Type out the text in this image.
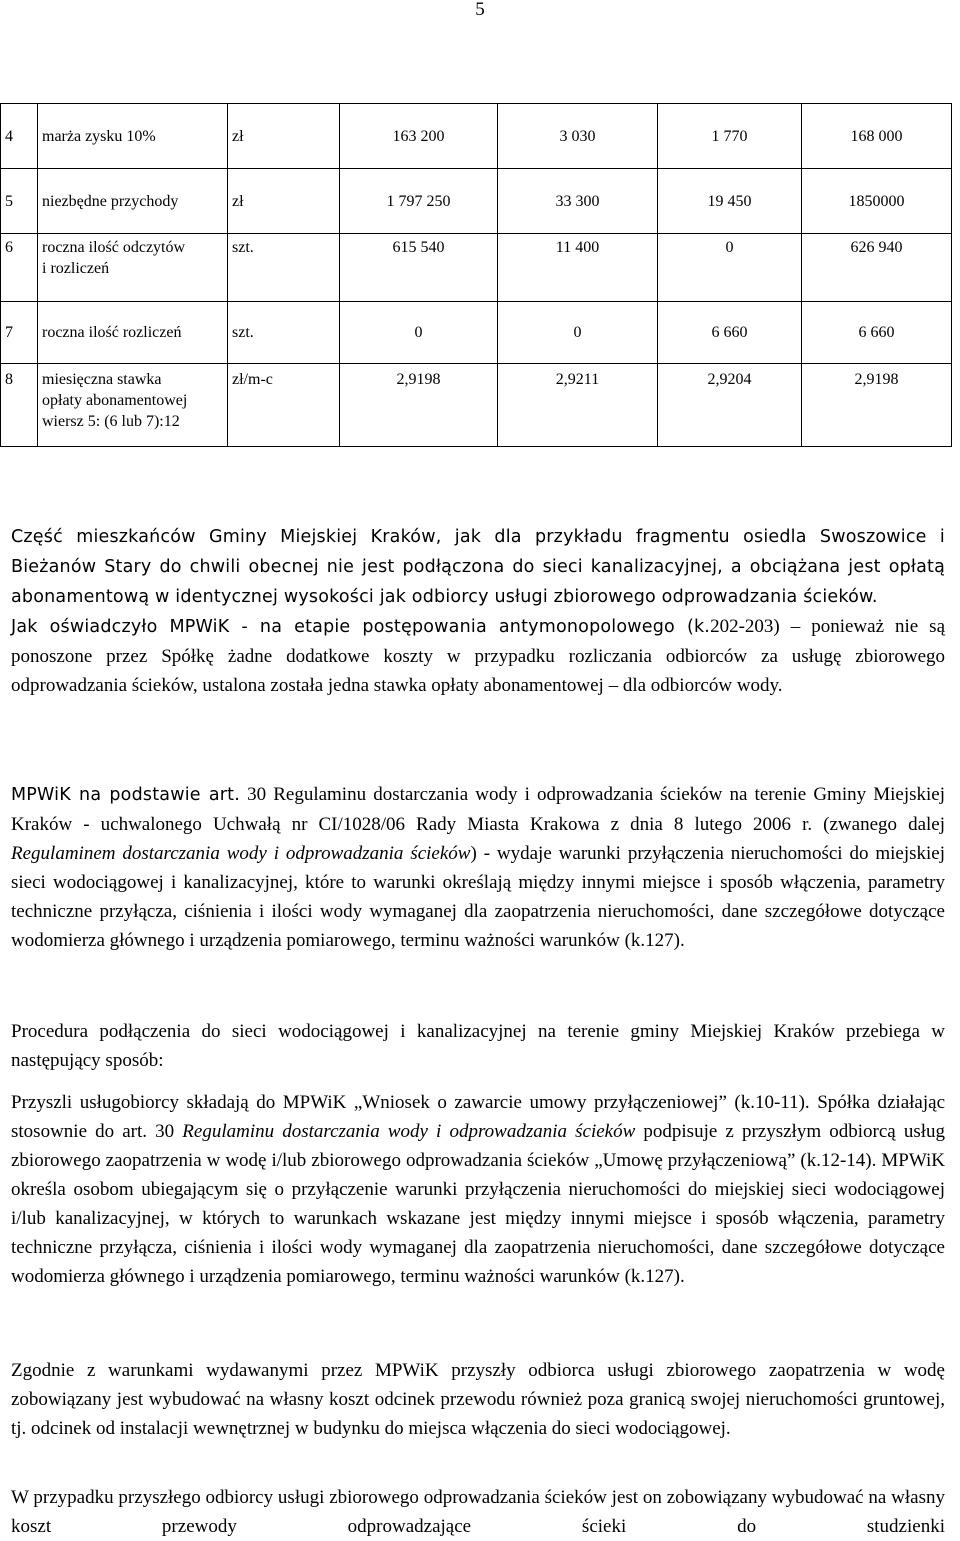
5
4	marża zysku 10%	zł	163 200	3 030	1 770	168 000
5	niezbędne przychody	zł	1 797 250	33 300	19 450	1850000
6	roczna ilość odczytów
i rozliczeń	szt.	615 540	11 400	0	626 940
7	roczna ilość rozliczeń	szt.	0	0	6 660	6 660
8	miesięczna stawka
opłaty abonamentowej
wiersz 5: (6 lub 7):12	zł/m-c	2,9198	2,9211	2,9204	2,9198

Część mieszkańców Gminy Miejskiej Kraków, jak dla przykładu fragmentu osiedla Swoszowice i Bieżanów Stary do chwili obecnej nie jest podłączona do sieci kanalizacyjnej, a obciążana jest opłatą abonamentową w identycznej wysokości jak odbiorcy usługi zbiorowego odprowadzania ścieków.

Jak oświadczyło MPWiK - na etapie postępowania antymonopolowego (k.202-203) – ponieważ nie są ponoszone przez Spółkę żadne dodatkowe koszty w przypadku rozliczania odbiorców za usługę zbiorowego odprowadzania ścieków, ustalona została jedna stawka opłaty abonamentowej – dla odbiorców wody.

MPWiK na podstawie art. 30 Regulaminu dostarczania wody i odprowadzania ścieków na terenie Gminy Miejskiej Kraków - uchwalonego Uchwałą nr CI/1028/06 Rady Miasta Krakowa z dnia 8 lutego 2006 r. (zwanego dalej Regulaminem dostarczania wody i odprowadzania ścieków) - wydaje warunki przyłączenia nieruchomości do miejskiej sieci wodociągowej i kanalizacyjnej, które to warunki określają między innymi miejsce i sposób włączenia, parametry techniczne przyłącza, ciśnienia i ilości wody wymaganej dla zaopatrzenia nieruchomości, dane szczegółowe dotyczące wodomierza głównego i urządzenia pomiarowego, terminu ważności warunków (k.127).

Procedura podłączenia do sieci wodociągowej i kanalizacyjnej na terenie gminy Miejskiej Kraków przebiega w następujący sposób:

Przyszli usługobiorcy składają do MPWiK „Wniosek o zawarcie umowy przyłączeniowej” (k.10-11). Spółka działając stosownie do art. 30 Regulaminu dostarczania wody i odprowadzania ścieków podpisuje z przyszłym odbiorcą usług zbiorowego zaopatrzenia w wodę i/lub zbiorowego odprowadzania ścieków „Umowę przyłączeniową” (k.12-14). MPWiK określa osobom ubiegającym się o przyłączenie warunki przyłączenia nieruchomości do miejskiej sieci wodociągowej i/lub kanalizacyjnej, w których to warunkach wskazane jest między innymi miejsce i sposób włączenia, parametry techniczne przyłącza, ciśnienia i ilości wody wymaganej dla zaopatrzenia nieruchomości, dane szczegółowe dotyczące wodomierza głównego i urządzenia pomiarowego, terminu ważności warunków (k.127).

Zgodnie z warunkami wydawanymi przez MPWiK przyszły odbiorca usługi zbiorowego zaopatrzenia w wodę zobowiązany jest wybudować na własny koszt odcinek przewodu również poza granicą swojej nieruchomości gruntowej, tj. odcinek od instalacji wewnętrznej w budynku do miejsca włączenia do sieci wodociągowej.

W przypadku przyszłego odbiorcy usługi zbiorowego odprowadzania ścieków jest on zobowiązany wybudować na własny koszt przewody odprowadzające ścieki do studzienki
